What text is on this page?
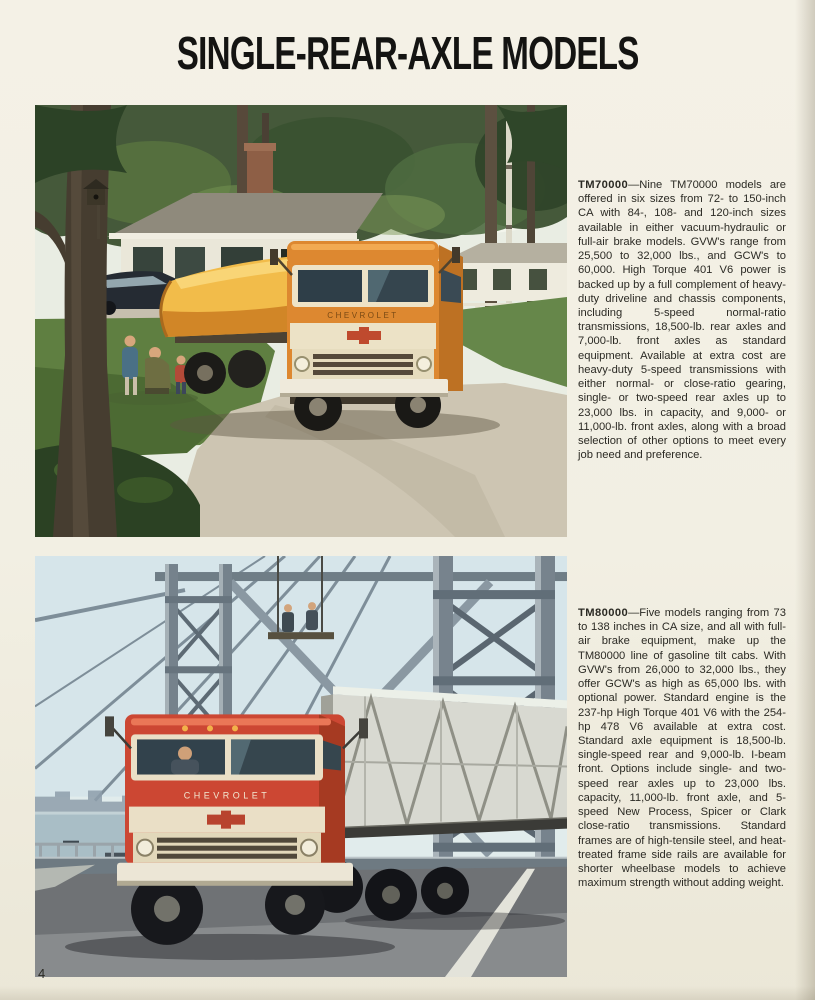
SINGLE-REAR-AXLE MODELS
CHEVROLET

TM70000—Nine TM70000 models are offered in six sizes from 72- to 150-inch CA with 84-, 108- and 120-inch sizes available in either vacuum-hydraulic or full-air brake models. GVW's range from 25,500 to 32,000 lbs., and GCW's to 60,000. High Torque 401 V6 power is backed up by a full complement of heavy-duty driveline and chassis components, including 5-speed normal-ratio transmissions, 18,500-lb. rear axles and 7,000-lb. front axles as standard equipment. Available at extra cost are heavy-duty 5-speed transmissions with either normal- or close-ratio gearing, single- or two-speed rear axles up to 23,000 lbs. in capacity, and 9,000- or 11,000-lb. front axles, along with a broad selection of other options to meet every job need and preference.

CHEVROLET

TM80000—Five models ranging from 73 to 138 inches in CA size, and all with full-air brake equipment, make up the TM80000 line of gasoline tilt cabs. With GVW's from 26,000 to 32,000 lbs., they offer GCW's as high as 65,000 lbs. with optional power. Standard engine is the 237-hp High Torque 401 V6 with the 254-hp 478 V6 available at extra cost. Standard axle equipment is 18,500-lb. single-speed rear and 9,000-lb. I-beam front. Options include single- and two-speed rear axles up to 23,000 lbs. capacity, 11,000-lb. front axle, and 5-speed New Process, Spicer or Clark close-ratio transmissions. Standard frames are of high-tensile steel, and heat-treated frame side rails are available for shorter wheelbase models to achieve maximum strength without adding weight.

4
